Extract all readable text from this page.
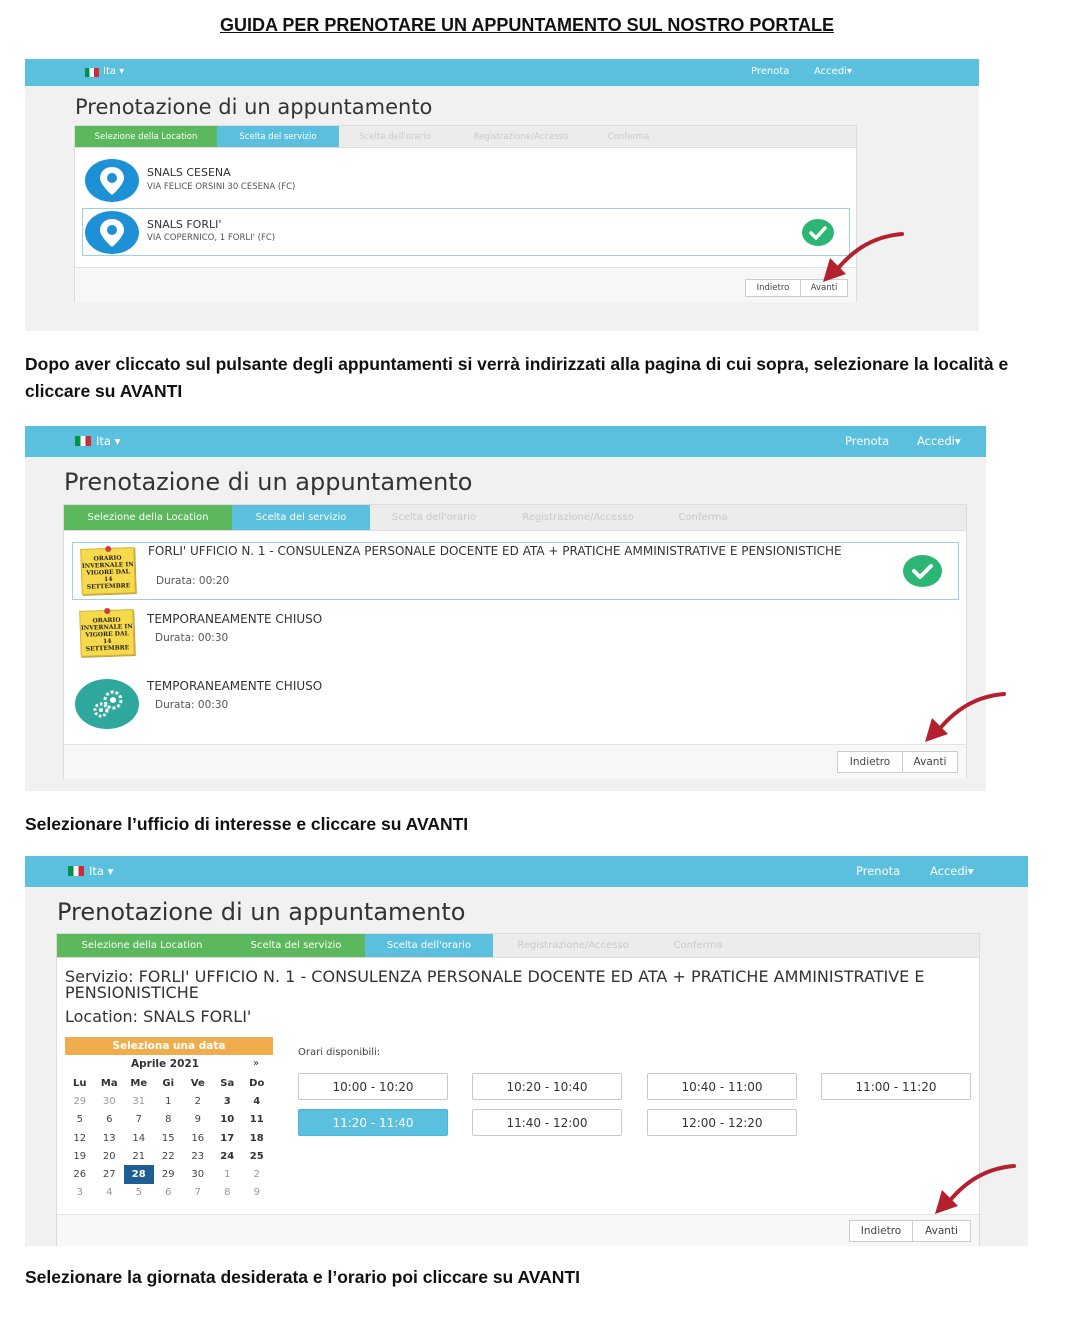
GUIDA PER PRENOTARE UN APPUNTAMENTO SUL NOSTRO PORTALE
Ita ▾	Prenota Accedi▾
Prenotazione di un appuntamento
Selezione della Location	Scelta del servizio	Scelta dell'orario	Registrazione/Accesso	Conferma
SNALS CESENA
VIA FELICE ORSINI 30 CESENA (FC)
SNALS FORLI'
VIA COPERNICO, 1 FORLI' (FC)
Indietro	Avanti
Dopo aver cliccato sul pulsante degli appuntamenti si verrà indirizzati alla pagina di cui sopra, selezionare la località e cliccare su AVANTI
Ita ▾	Prenota Accedi▾
Prenotazione di un appuntamento
Selezione della Location	Scelta del servizio	Scelta dell'orario	Registrazione/Accesso	Conferma
ORARIO INVERNALE IN VIGORE DAL 14 SETTEMBRE
FORLI' UFFICIO N. 1 - CONSULENZA PERSONALE DOCENTE ED ATA + PRATICHE AMMINISTRATIVE E PENSIONISTICHE
Durata: 00:20
ORARIO INVERNALE IN VIGORE DAL 14 SETTEMBRE
TEMPORANEAMENTE CHIUSO
Durata: 00:30
TEMPORANEAMENTE CHIUSO
Durata: 00:30
Indietro	Avanti
Selezionare l’ufficio di interesse e cliccare su AVANTI
Ita ▾	Prenota	Accedi▾
Prenotazione di un appuntamento
Selezione della Location	Scelta del servizio	Scelta dell'orario	Registrazione/Accesso	Conferma
Servizio: FORLI' UFFICIO N. 1 - CONSULENZA PERSONALE DOCENTE ED ATA + PRATICHE AMMINISTRATIVE E PENSIONISTICHE
Location: SNALS FORLI'
Seleziona una data
Aprile 2021	»
Lu	Ma	Me	Gi	Ve	Sa	Do
29	30	31	1	2	3	4
5	6	7	8	9	10	11
12	13	14	15	16	17	18
19	20	21	22	23	24	25
26	27	28	29	30	1	2
3	4	5	6	7	8	9
Orari disponibili:
10:00 - 10:20	10:20 - 10:40	10:40 - 11:00	11:00 - 11:20
11:20 - 11:40	11:40 - 12:00	12:00 - 12:20
Indietro	Avanti
Selezionare la giornata desiderata e l’orario poi cliccare su AVANTI
